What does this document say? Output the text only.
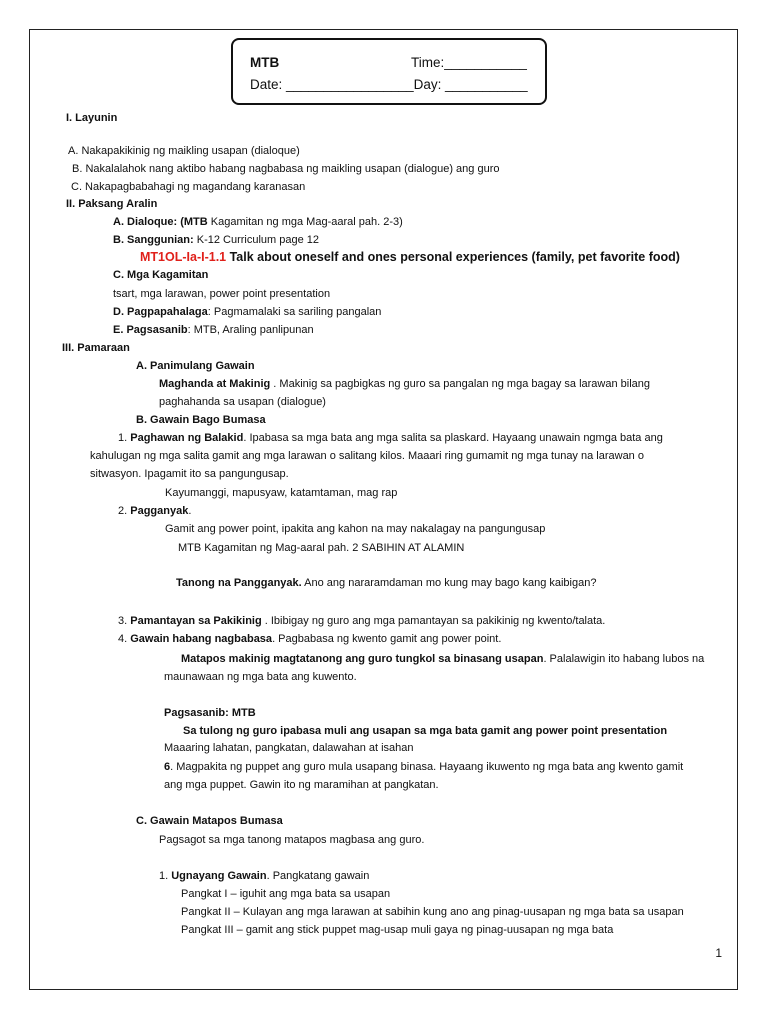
MTB	Time:___________
Date: _________________Day: ___________
I. Layunin
A. Nakapakikinig ng maikling usapan (dialoque)
B. Nakalalahok nang aktibo habang nagbabasa ng maikling usapan (dialogue) ang guro
C. Nakapagbabahagi ng magandang karanasan
II. Paksang Aralin
A. Dialoque: (MTB Kagamitan ng mga Mag-aaral pah. 2-3)
B. Sanggunian: K-12 Curriculum page 12
MT1OL-Ia-I-1.1 Talk about oneself and ones personal experiences (family, pet favorite food)
C. Mga Kagamitan
tsart, mga larawan, power point presentation
D. Pagpapahalaga: Pagmamalaki sa sariling pangalan
E. Pagsasanib: MTB, Araling panlipunan
III. Pamaraan
A. Panimulang Gawain
Maghanda at Makinig . Makinig sa pagbigkas ng guro sa pangalan ng mga bagay sa larawan bilang
paghahanda sa usapan (dialogue)
B. Gawain Bago Bumasa
1. Paghawan ng Balakid. Ipabasa sa mga bata ang mga salita sa plaskard. Hayaang unawain ngmga bata ang
kahulugan ng mga salita gamit ang mga larawan o salitang kilos. Maaari ring gumamit ng mga tunay na larawan o
sitwasyon. Ipagamit ito sa pangungusap.
Kayumanggi, mapusyaw, katamtaman, mag rap
2. Pagganyak.
Gamit ang power point, ipakita ang kahon na may nakalagay na pangungusap
MTB Kagamitan ng Mag-aaral pah. 2 SABIHIN AT ALAMIN
Tanong na Pangganyak. Ano ang nararamdaman mo kung may bago kang kaibigan?
3. Pamantayan sa Pakikinig . Ibibigay ng guro ang mga pamantayan sa pakikinig ng kwento/talata.
4. Gawain habang nagbabasa. Pagbabasa ng kwento gamit ang power point.
Matapos makinig magtatanong ang guro tungkol sa binasang usapan. Palalawigin ito habang lubos na
maunawaan ng mga bata ang kuwento.
Pagsasanib: MTB
Sa tulong ng guro ipabasa muli ang usapan sa mga bata gamit ang power point presentation
Maaaring lahatan, pangkatan, dalawahan at isahan
6. Magpakita ng puppet ang guro mula usapang binasa. Hayaang ikuwento ng mga bata ang kwento gamit
ang mga puppet. Gawin ito ng maramihan at pangkatan.
C. Gawain Matapos Bumasa
Pagsagot sa mga tanong matapos magbasa ang guro.
1. Ugnayang Gawain. Pangkatang gawain
Pangkat I – iguhit ang mga bata sa usapan
Pangkat II – Kulayan ang mga larawan at sabihin kung ano ang pinag-uusapan ng mga bata sa usapan
Pangkat III – gamit ang stick puppet mag-usap muli gaya ng pinag-uusapan ng mga bata
1
